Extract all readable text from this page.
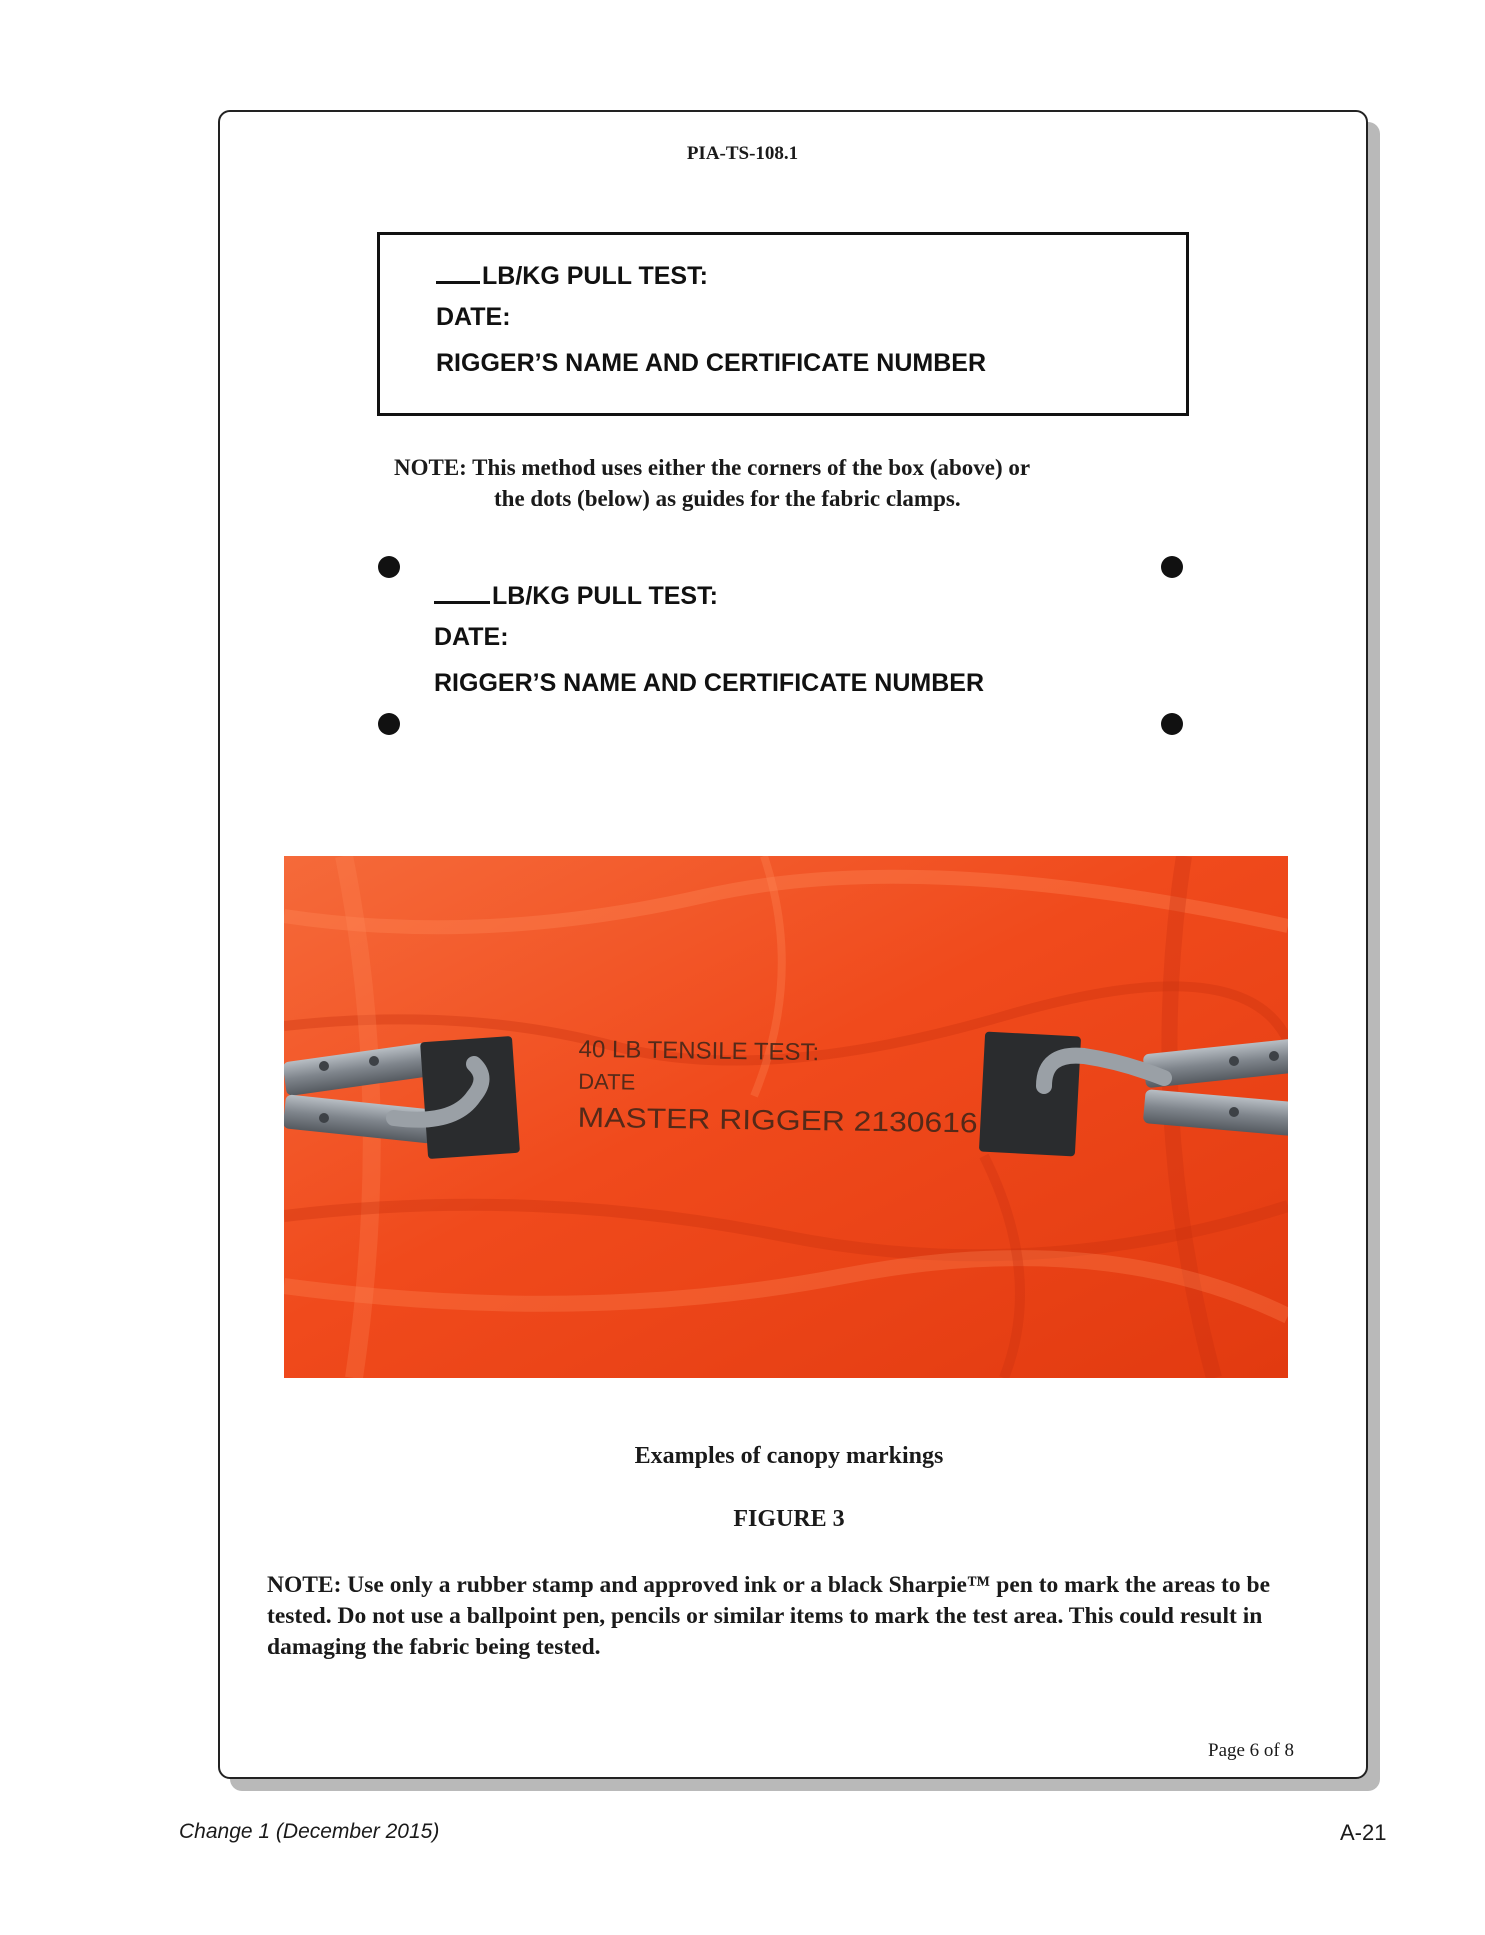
PIA-TS-108.1
LB/KG PULL TEST:
DATE:
RIGGER’S NAME AND CERTIFICATE NUMBER
NOTE: This method uses either the corners of the box (above) or
the dots (below) as guides for the fabric clamps.
LB/KG PULL TEST:
DATE:
RIGGER’S NAME AND CERTIFICATE NUMBER
40 LB TENSILE TEST:
DATE
MASTER RIGGER 2130616
Examples of canopy markings
FIGURE 3
NOTE: Use only a rubber stamp and approved ink or a black Sharpie™ pen to mark the areas to be tested. Do not use a ballpoint pen, pencils or similar items to mark the test area. This could result in damaging the fabric being tested.
Page 6 of 8
Change 1 (December 2015)	A-21
